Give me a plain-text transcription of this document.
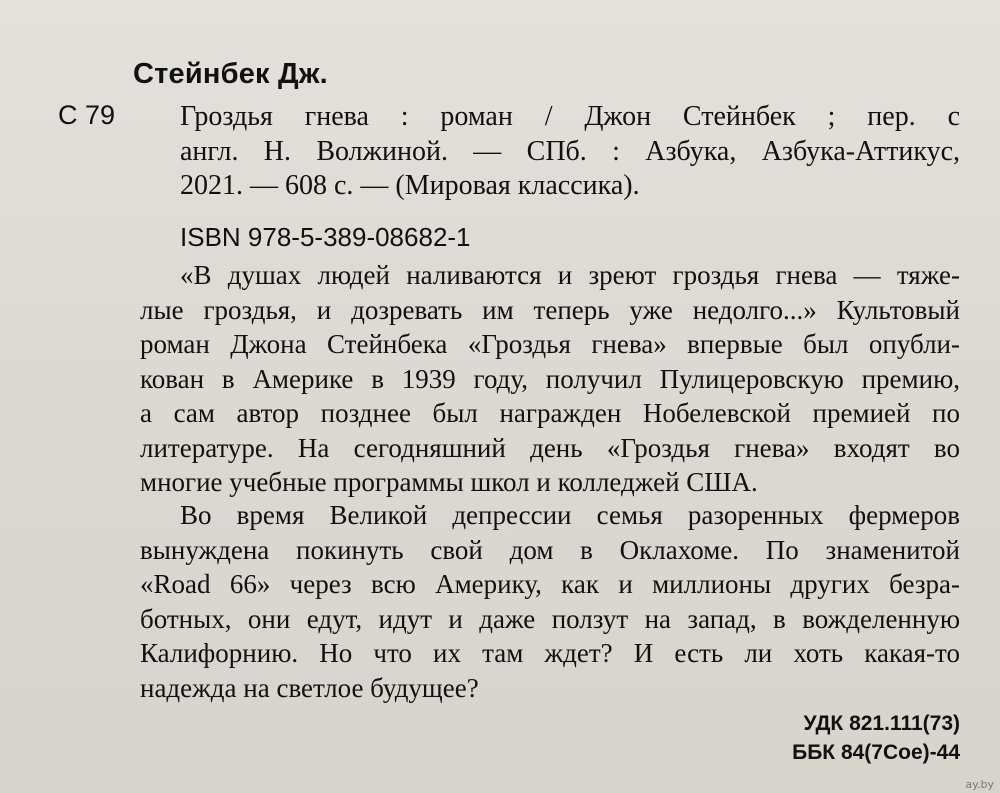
Стейнбек Дж.
С 79 Гроздья гнева : роман / Джон Стейнбек ; пер. с
англ. Н. Волжиной. — СПб. : Азбука, Азбука-Аттикус,
2021. — 608 с. — (Мировая классика).
ISBN 978-5-389-08682-1
«В душах людей наливаются и зреют гроздья гнева — тяже-
лые гроздья, и дозревать им теперь уже недолго...» Культовый
роман Джона Стейнбека «Гроздья гнева» впервые был опубли-
кован в Америке в 1939 году, получил Пулицеровскую премию,
а сам автор позднее был награжден Нобелевской премией по
литературе. На сегодняшний день «Гроздья гнева» входят во
многие учебные программы школ и колледжей США.
Во время Великой депрессии семья разоренных фермеров
вынуждена покинуть свой дом в Оклахоме. По знаменитой
«Road 66» через всю Америку, как и миллионы других безра-
ботных, они едут, идут и даже ползут на запад, в вожделенную
Калифорнию. Но что их там ждет? И есть ли хоть какая-то
надежда на светлое будущее?
УДК 821.111(73)
ББК 84(7Сое)-44
ay.by
